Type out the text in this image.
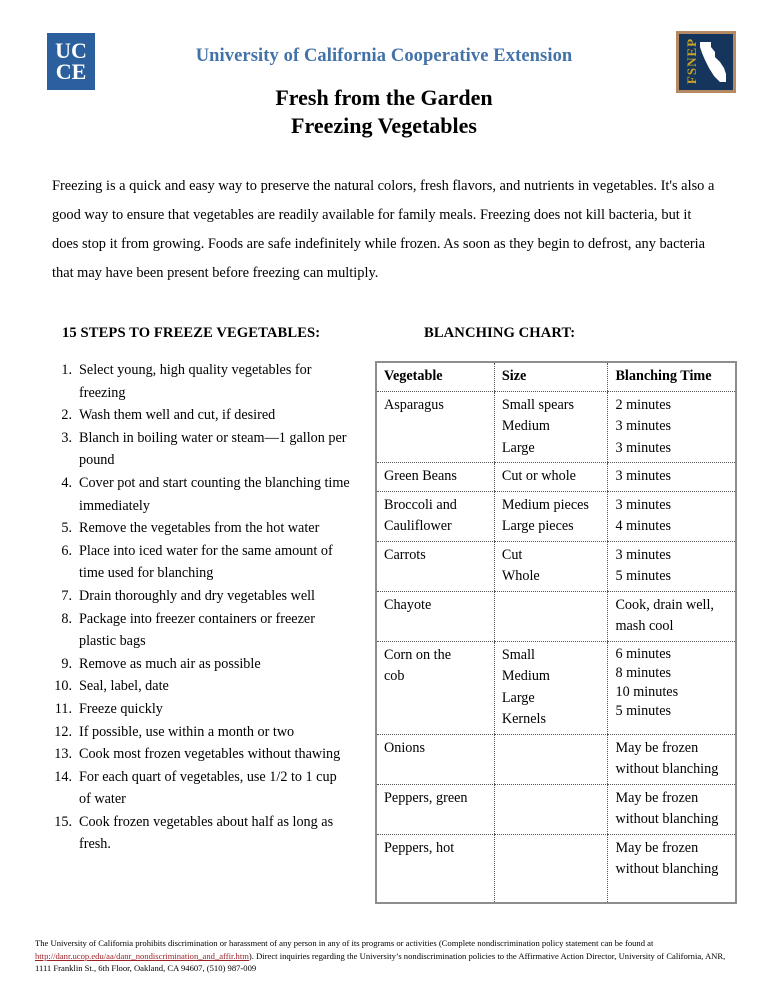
UC
CE
University of California Cooperative Extension
Fresh from the Garden
Freezing Vegetables
FSNEP
Freezing is a quick and easy way to preserve the natural colors, fresh flavors, and nutrients in vegetables. It's also a good way to ensure that vegetables are readily available for family meals. Freezing does not kill bacteria, but it does stop it from growing. Foods are safe indefinitely while frozen. As soon as they begin to defrost, any bacteria that may have been present before freezing can multiply.
15 STEPS TO FREEZE VEGETABLES:	BLANCHING CHART:
1. Select young, high quality vegetables for freezing
2. Wash them well and cut, if desired
3. Blanch in boiling water or steam—1 gallon per pound
4. Cover pot and start counting the blanching time immediately
5. Remove the vegetables from the hot water
6. Place into iced water for the same amount of time used for blanching
7. Drain thoroughly and dry vegetables well
8. Package into freezer containers or freezer plastic bags
9. Remove as much air as possible
10. Seal, label, date
11. Freeze quickly
12. If possible, use within a month or two
13. Cook most frozen vegetables without thawing
14. For each quart of vegetables, use 1/2 to 1 cup of water
15. Cook frozen vegetables about half as long as fresh.
Vegetable	Size	Blanching Time

Asparagus	Small spears
Medium
Large	2 minutes
3 minutes
3 minutes

Green Beans	Cut or whole	3 minutes

Broccoli and
Cauliflower	Medium pieces
Large pieces	3 minutes
4 minutes

Carrots	Cut
Whole	3 minutes
5 minutes

Chayote		Cook, drain well,
mash cool

Corn on the
cob	Small
Medium
Large
Kernels	6 minutes
8 minutes
10 minutes
5 minutes

Onions		May be frozen
without blanching

Peppers, green		May be frozen
without blanching

Peppers, hot		May be frozen
without blanching

The University of California prohibits discrimination or harassment of any person in any of its programs or activities (Complete nondiscrimination policy statement can be found at http://danr.ucop.edu/aa/danr_nondiscrimination_and_affir.htm). Direct inquiries regarding the University’s nondiscrimination policies to the Affirmative Action Director, University of California, ANR, 1111 Franklin St., 6th Floor, Oakland, CA 94607, (510) 987-009
